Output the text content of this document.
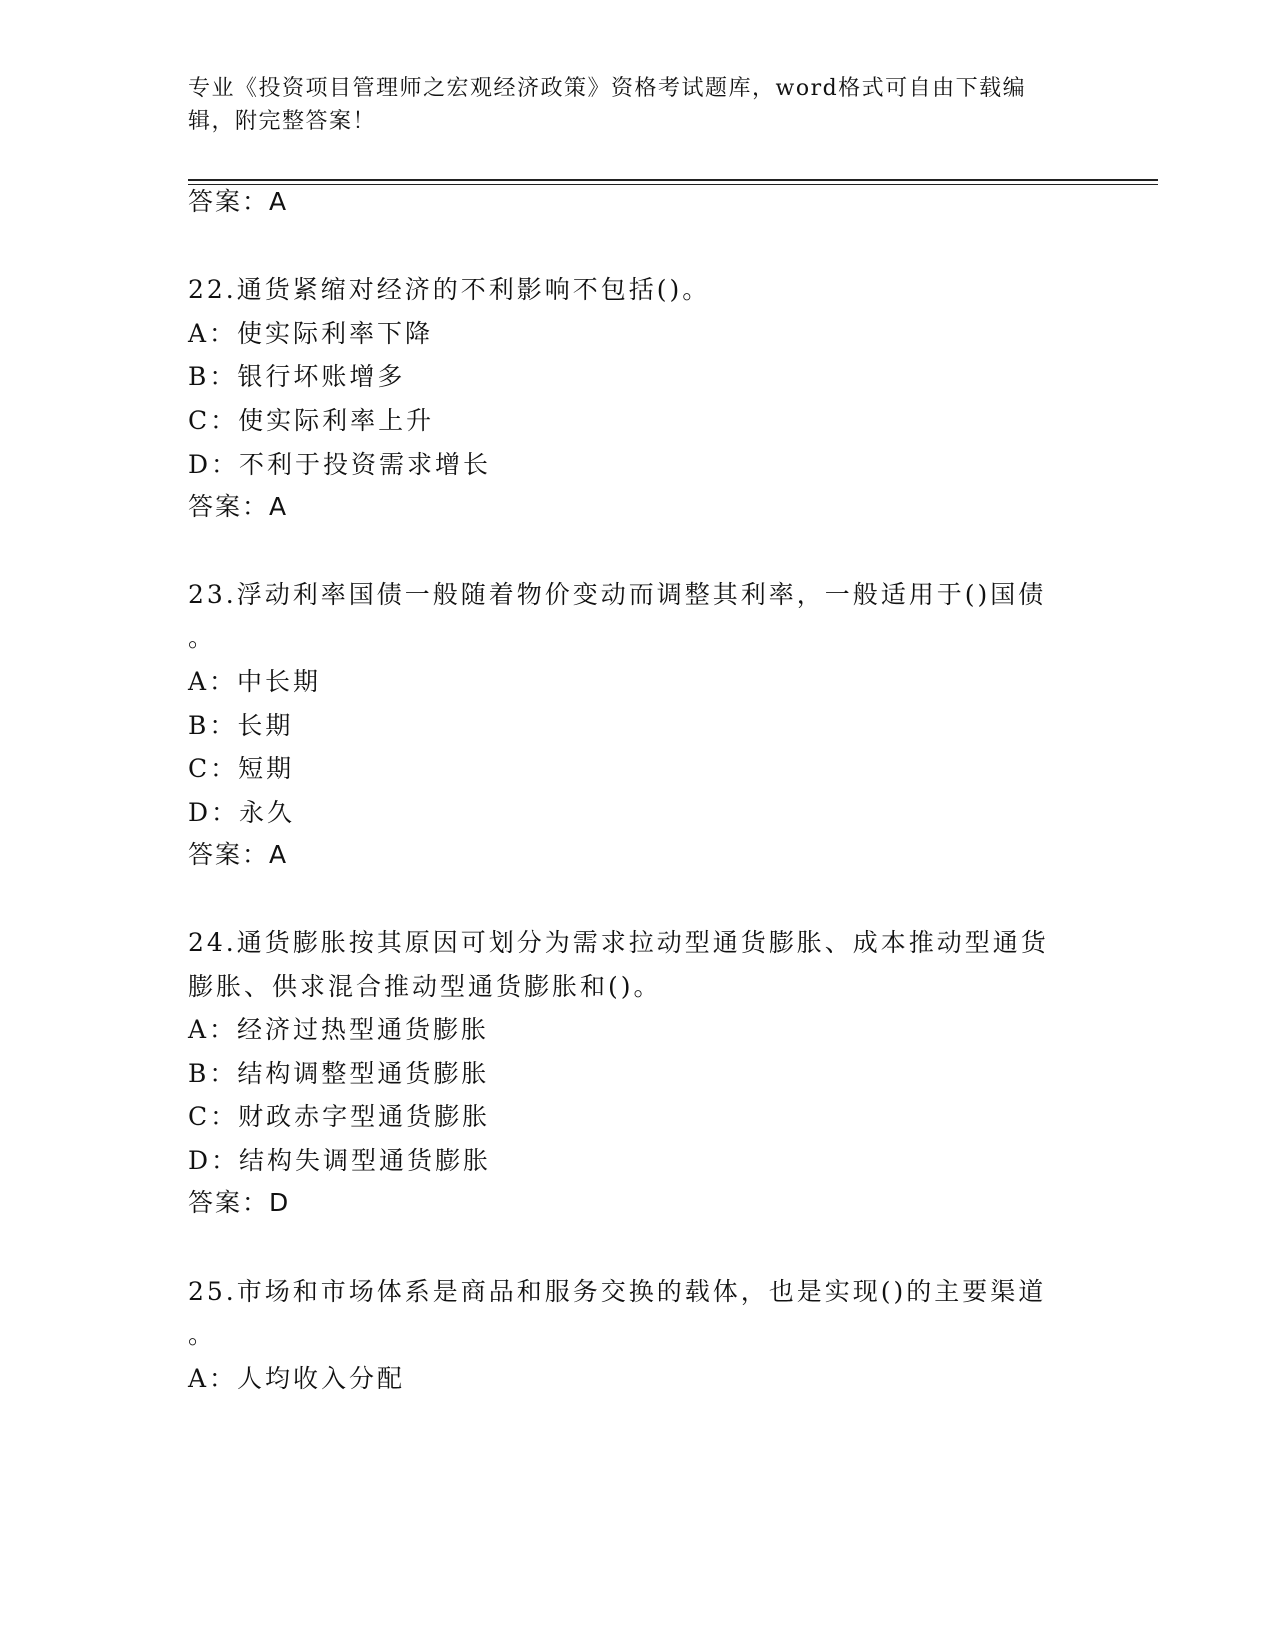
专业《投资项目管理师之宏观经济政策》资格考试题库，word格式可自由下载编辑，附完整答案！
答案：A
22.通货紧缩对经济的不利影响不包括()。
A：使实际利率下降
B：银行坏账增多
C：使实际利率上升
D：不利于投资需求增长
答案：A
23.浮动利率国债一般随着物价变动而调整其利率，一般适用于()国债
。
A：中长期
B：长期
C：短期
D：永久
答案：A
24.通货膨胀按其原因可划分为需求拉动型通货膨胀、成本推动型通货
膨胀、供求混合推动型通货膨胀和()。
A：经济过热型通货膨胀
B：结构调整型通货膨胀
C：财政赤字型通货膨胀
D：结构失调型通货膨胀
答案：D
25.市场和市场体系是商品和服务交换的载体，也是实现()的主要渠道
。
A：人均收入分配
